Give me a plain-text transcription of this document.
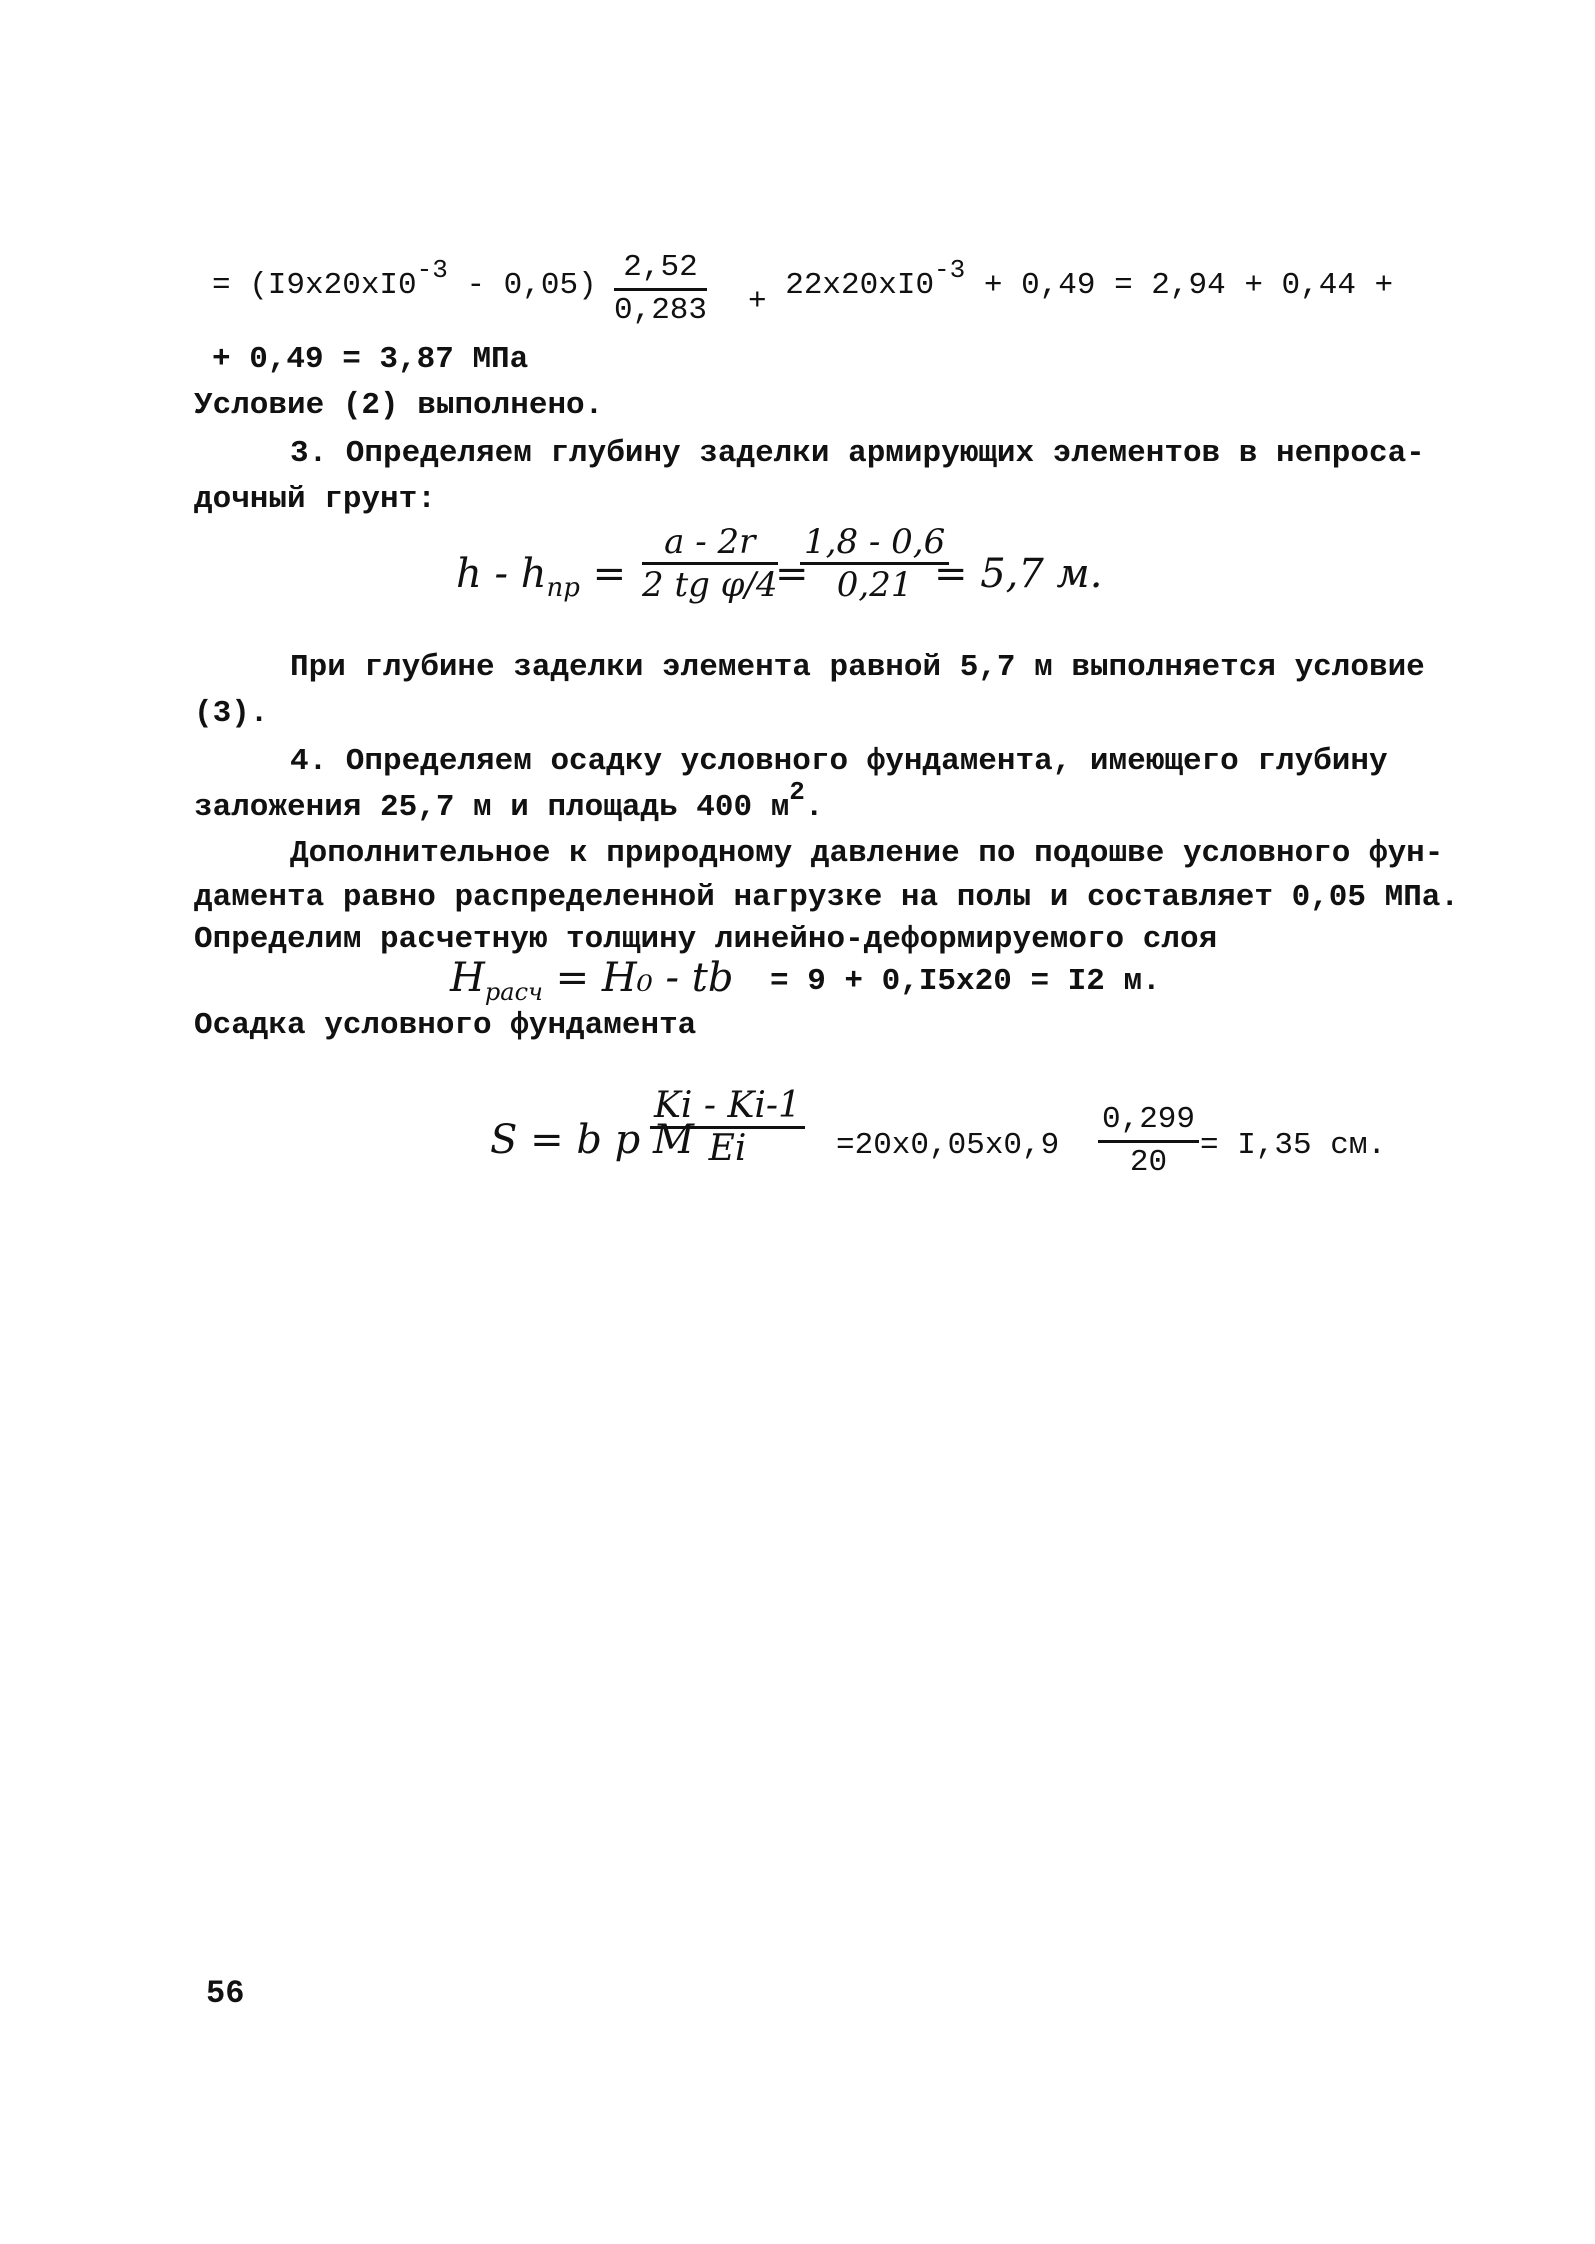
= $(I9x20xI0^{-3} - 0,05) \frac{2,52}{0,283} + 22x20xI0^{-3} + 0,49 = 2,94 + 0,44$ +
+ 0,49 = 3,87 МПа
Условие (2) выполнено.
3. Определяем глубину заделки армирующих элементов в непроса-
дочный грунт:
$h - h_{пр} = \frac{a - 2r}{\text{2 tg φ/4}}$
=
$\frac{1,8 - 0,6}{0,21}$
= 5,7 м.
При глубине заделки элемента равной 5,7 м выполняется условие
(3).
4. Определяем осадку условного фундамента, имеющего глубину
заложения 25,7 м и площадь 400 $м^2$.
Дополнительное к природному давление по подошве условного фун-
дамента равно распределенной нагрузке на полы и составляет 0,05 МПа.
Определим расчетную толщину линейно-деформируемого слоя
$H_{расч} = H_0$ - tb = 9 + 0,I5x20 = I2 м.
Осадка условного фундамента
S = b p M
$\frac{Ki - Ki-1}{Ei} =20x0,05x0,9 \frac{0,299}{20} = I,35$ см.
56
